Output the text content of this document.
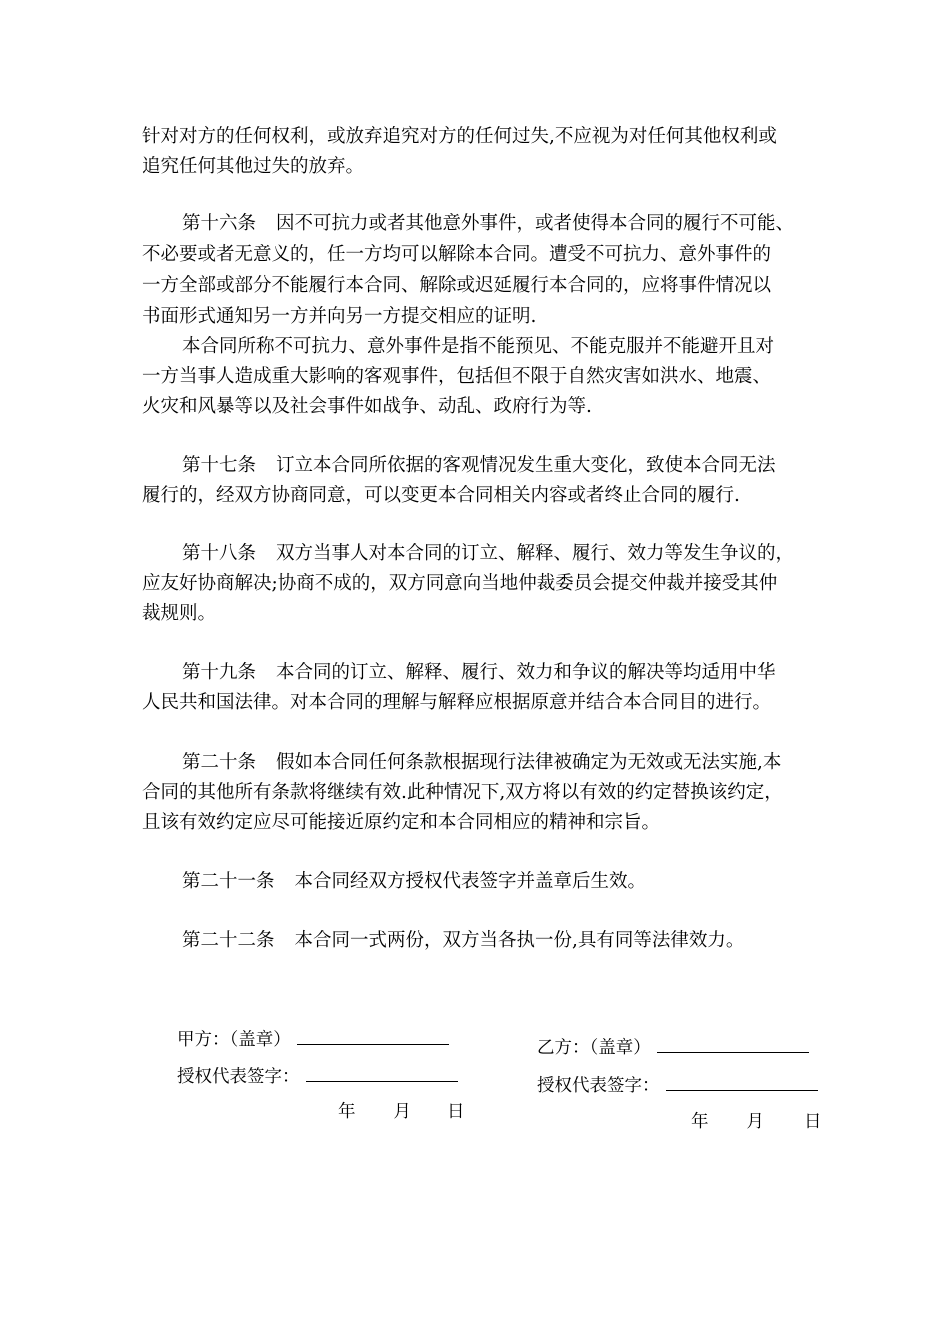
针对对方的任何权利，或放弃追究对方的任何过失,不应视为对任何其他权利或
追究任何其他过失的放弃。
第十六条 因不可抗力或者其他意外事件，或者使得本合同的履行不可能、
不必要或者无意义的，任一方均可以解除本合同。遭受不可抗力、意外事件的
一方全部或部分不能履行本合同、解除或迟延履行本合同的，应将事件情况以
书面形式通知另一方并向另一方提交相应的证明.
本合同所称不可抗力、意外事件是指不能预见、不能克服并不能避开且对
一方当事人造成重大影响的客观事件，包括但不限于自然灾害如洪水、地震、
火灾和风暴等以及社会事件如战争、动乱、政府行为等.
第十七条 订立本合同所依据的客观情况发生重大变化，致使本合同无法
履行的，经双方协商同意，可以变更本合同相关内容或者终止合同的履行.
第十八条 双方当事人对本合同的订立、解释、履行、效力等发生争议的，
应友好协商解决;协商不成的，双方同意向当地仲裁委员会提交仲裁并接受其仲
裁规则。
第十九条 本合同的订立、解释、履行、效力和争议的解决等均适用中华
人民共和国法律。对本合同的理解与解释应根据原意并结合本合同目的进行。
第二十条 假如本合同任何条款根据现行法律被确定为无效或无法实施,本
合同的其他所有条款将继续有效.此种情况下,双方将以有效的约定替换该约定，
且该有效约定应尽可能接近原约定和本合同相应的精神和宗旨。
第二十一条 本合同经双方授权代表签字并盖章后生效。
第二十二条 本合同一式两份，双方当各执一份,具有同等法律效力。
甲方：（盖章）
授权代表签字：
年 月 日
乙方：（盖章）
授权代表签字：
年 月 日
